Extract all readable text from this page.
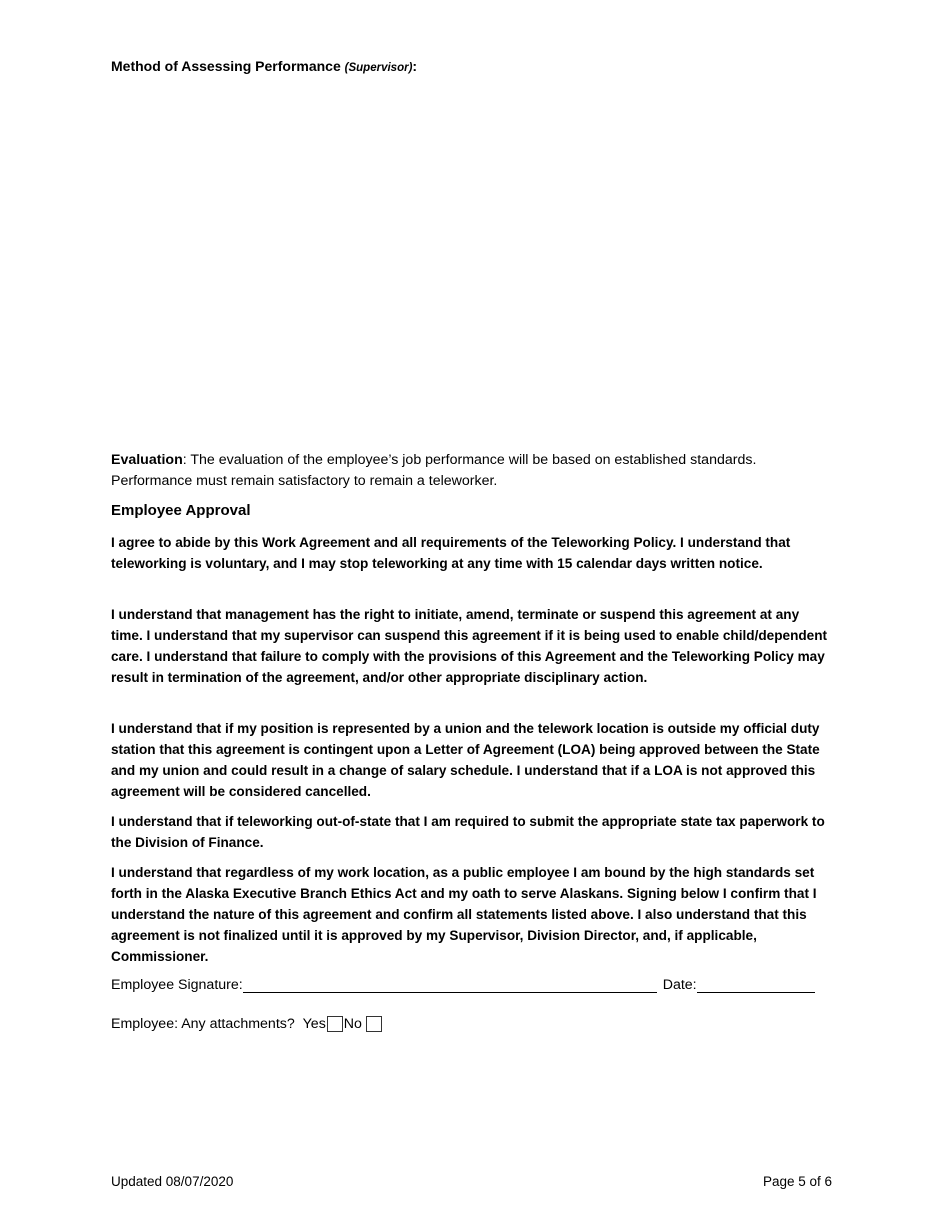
Method of Assessing Performance (Supervisor):
Evaluation: The evaluation of the employee’s job performance will be based on established standards. Performance must remain satisfactory to remain a teleworker.
Employee Approval
I agree to abide by this Work Agreement and all requirements of the Teleworking Policy. I understand that teleworking is voluntary, and I may stop teleworking at any time with 15 calendar days written notice.
I understand that management has the right to initiate, amend, terminate or suspend this agreement at any time. I understand that my supervisor can suspend this agreement if it is being used to enable child/dependent care. I understand that failure to comply with the provisions of this Agreement and the Teleworking Policy may result in termination of the agreement, and/or other appropriate disciplinary action.
I understand that if my position is represented by a union and the telework location is outside my official duty station that this agreement is contingent upon a Letter of Agreement (LOA) being approved between the State and my union and could result in a change of salary schedule. I understand that if a LOA is not approved this agreement will be considered cancelled.
I understand that if teleworking out-of-state that I am required to submit the appropriate state tax paperwork to the Division of Finance.
I understand that regardless of my work location, as a public employee I am bound by the high standards set forth in the Alaska Executive Branch Ethics Act and my oath to serve Alaskans. Signing below I confirm that I understand the nature of this agreement and confirm all statements listed above. I also understand that this agreement is not finalized until it is approved by my Supervisor, Division Director, and, if applicable, Commissioner.
Employee Signature:	Date:
Employee: Any attachments? Yes No
Updated 08/07/2020	Page 5 of 6
